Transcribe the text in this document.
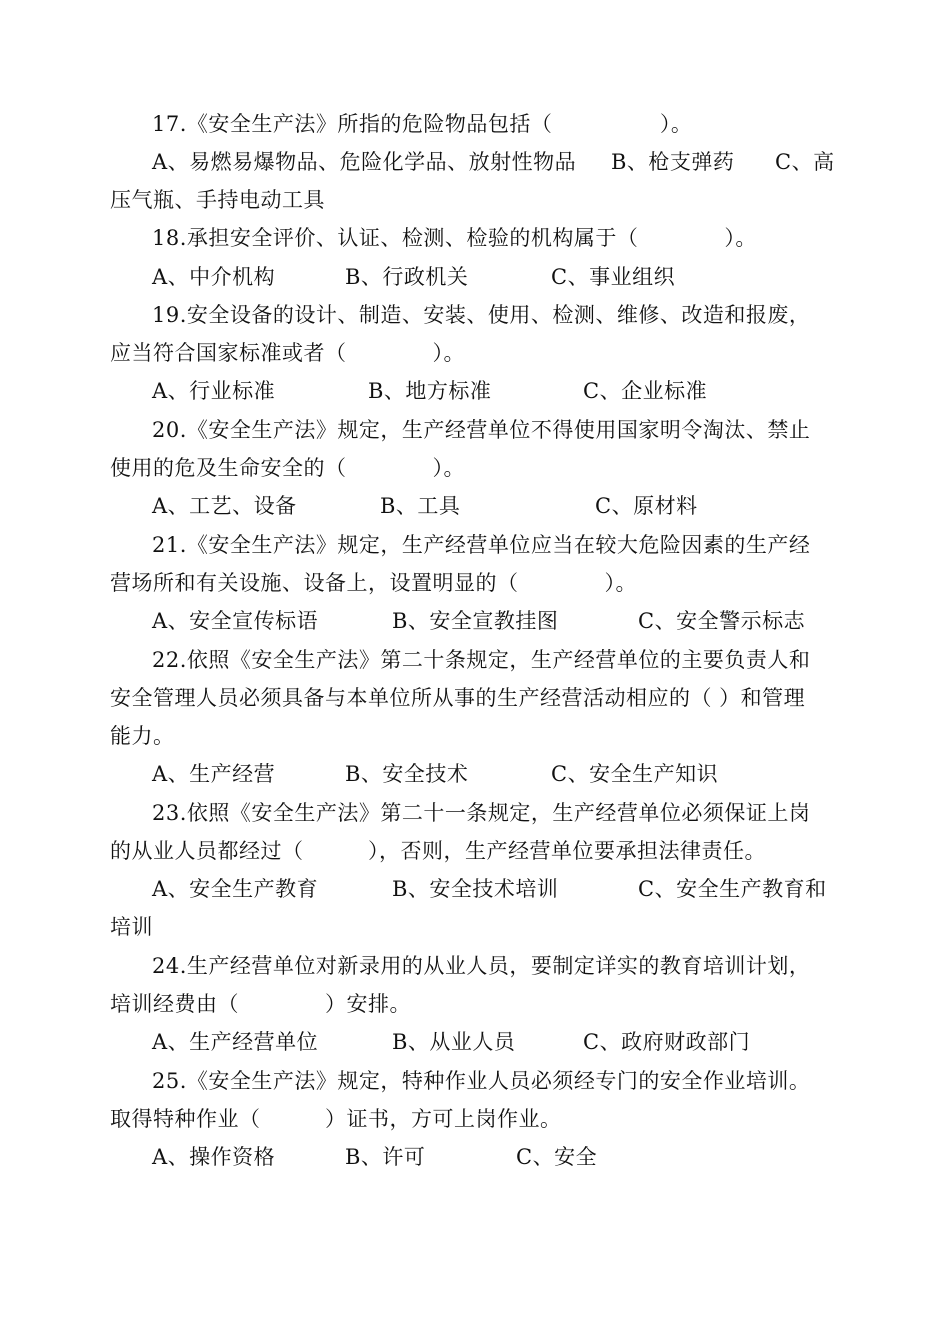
17.《安全生产法》所指的危险物品包括（　　　　　）。

A、易燃易爆物品、危险化学品、放射性物品

B、枪支弹药

C、高

压气瓶、手持电动工具
18.承担安全评价、认证、检测、检验的机构属于（　　　　）。

A、中介机构

	B、行政机关

	C、事业组织

19.安全设备的设计、制造、安装、使用、检测、维修、改造和报废，
应当符合国家标准或者（　　　　）。

A、行业标准

	B、地方标准

	C、企业标准

20.《安全生产法》规定，生产经营单位不得使用国家明令淘汰、禁止
使用的危及生命安全的（　　　　）。

A、工艺、设备

	B、工具

	C、原材料

21.《安全生产法》规定，生产经营单位应当在较大危险因素的生产经
营场所和有关设施、设备上，设置明显的（　　　　）。

A、安全宣传标语

	B、安全宣教挂图

	C、安全警示标志

22.依照《安全生产法》第二十条规定，生产经营单位的主要负责人和
安全管理人员必须具备与本单位所从事的生产经营活动相应的（ ）和管理
能力。

A、生产经营

	B、安全技术

	C、安全生产知识

23.依照《安全生产法》第二十一条规定，生产经营单位必须保证上岗
的从业人员都经过（　　　），否则，生产经营单位要承担法律责任。

A、安全生产教育

	B、安全技术培训

	C、安全生产教育和

培训
24.生产经营单位对新录用的从业人员，要制定详实的教育培训计划，
培训经费由（　　　　）安排。

A、生产经营单位

	B、从业人员

	C、政府财政部门

25.《安全生产法》规定，特种作业人员必须经专门的安全作业培训。
取得特种作业（　　　）证书，方可上岗作业。

A、操作资格

	B、许可

	C、安全
